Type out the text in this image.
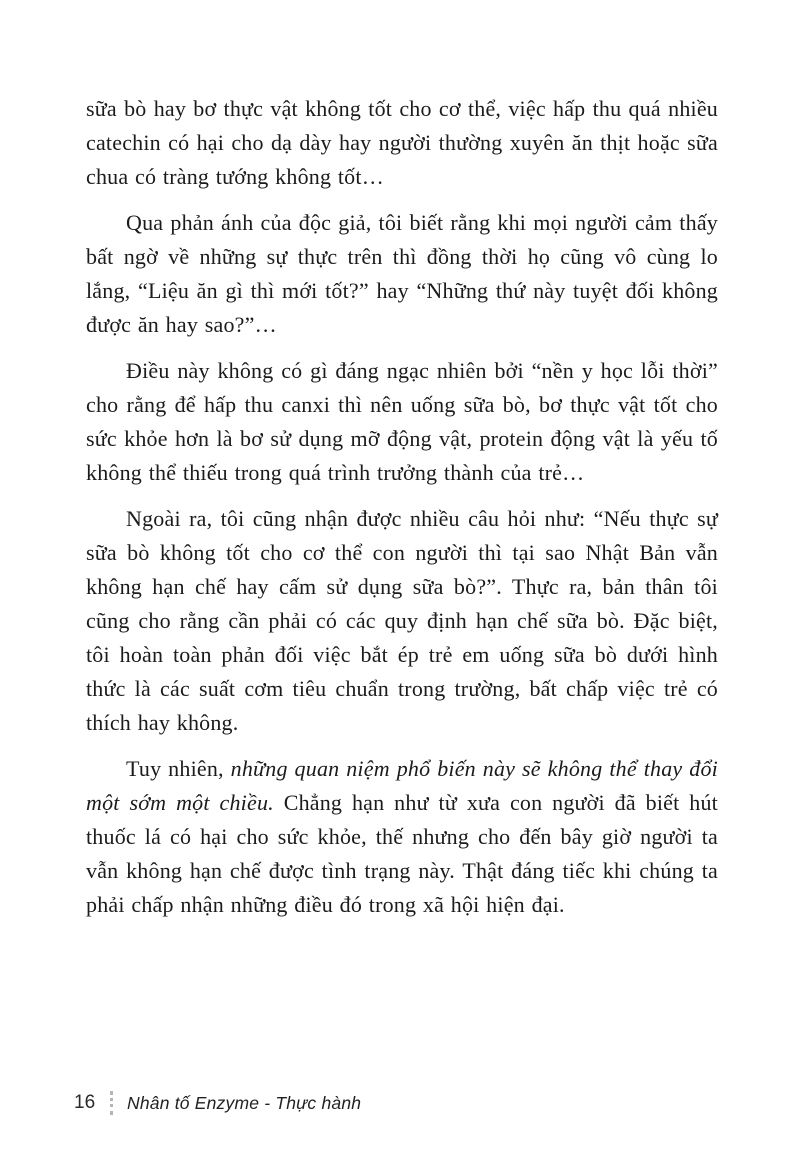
sữa bò hay bơ thực vật không tốt cho cơ thể, việc hấp thu quá nhiều catechin có hại cho dạ dày hay người thường xuyên ăn thịt hoặc sữa chua có tràng tướng không tốt…

Qua phản ánh của độc giả, tôi biết rằng khi mọi người cảm thấy bất ngờ về những sự thực trên thì đồng thời họ cũng vô cùng lo lắng, “Liệu ăn gì thì mới tốt?” hay “Những thứ này tuyệt đối không được ăn hay sao?”…

Điều này không có gì đáng ngạc nhiên bởi “nền y học lỗi thời” cho rằng để hấp thu canxi thì nên uống sữa bò, bơ thực vật tốt cho sức khỏe hơn là bơ sử dụng mỡ động vật, protein động vật là yếu tố không thể thiếu trong quá trình trưởng thành của trẻ…

Ngoài ra, tôi cũng nhận được nhiều câu hỏi như: “Nếu thực sự sữa bò không tốt cho cơ thể con người thì tại sao Nhật Bản vẫn không hạn chế hay cấm sử dụng sữa bò?”. Thực ra, bản thân tôi cũng cho rằng cần phải có các quy định hạn chế sữa bò. Đặc biệt, tôi hoàn toàn phản đối việc bắt ép trẻ em uống sữa bò dưới hình thức là các suất cơm tiêu chuẩn trong trường, bất chấp việc trẻ có thích hay không.

Tuy nhiên, những quan niệm phổ biến này sẽ không thể thay đổi một sớm một chiều. Chẳng hạn như từ xưa con người đã biết hút thuốc lá có hại cho sức khỏe, thế nhưng cho đến bây giờ người ta vẫn không hạn chế được tình trạng này. Thật đáng tiếc khi chúng ta phải chấp nhận những điều đó trong xã hội hiện đại.

16	Nhân tố Enzyme - Thực hành
